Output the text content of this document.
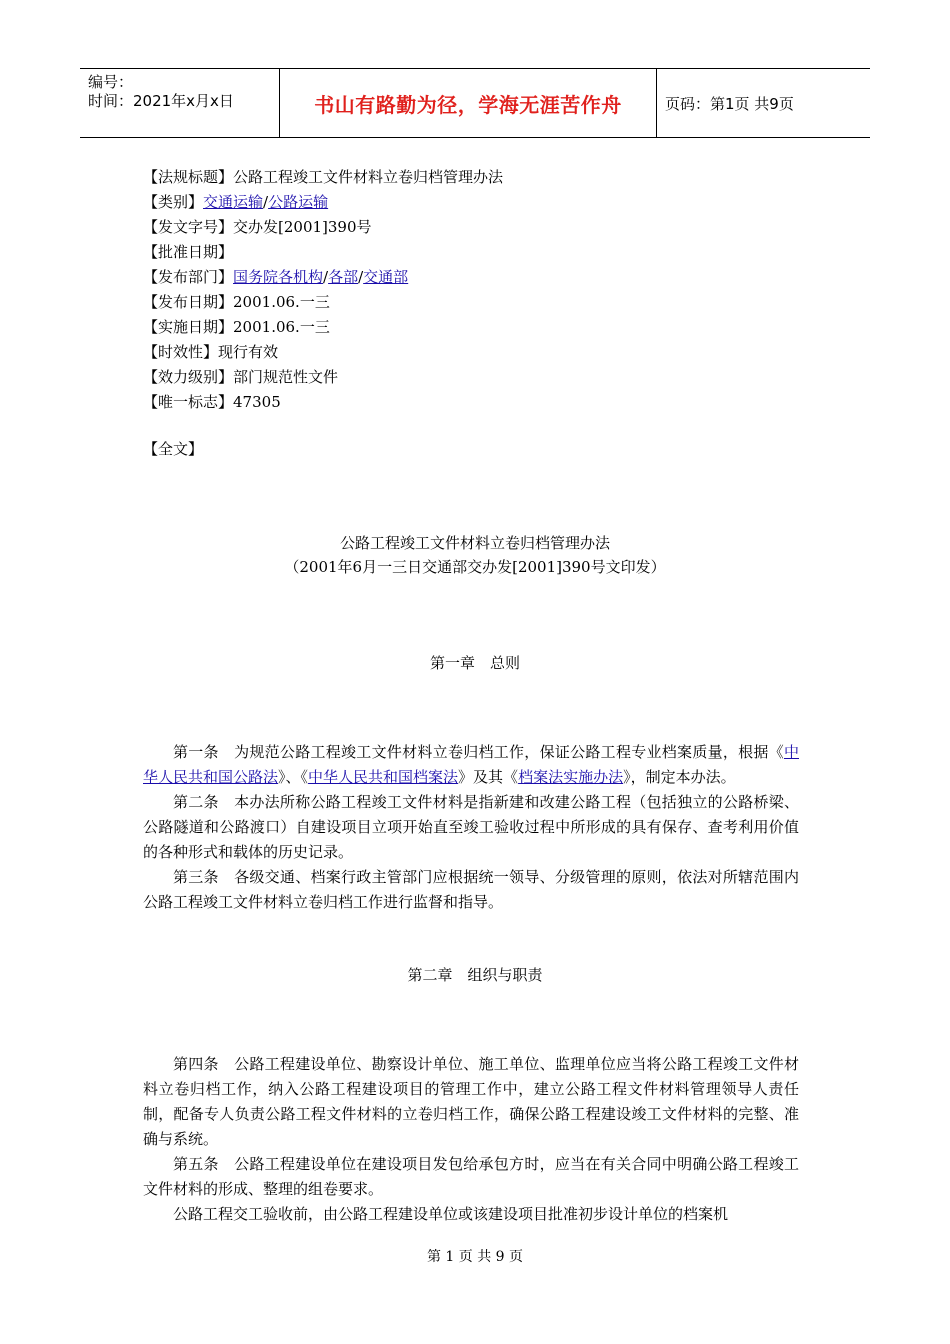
编号：
时间：2021年x月x日	书山有路勤为径，学海无涯苦作舟	页码：第1页 共9页
【法规标题】公路工程竣工文件材料立卷归档管理办法
【类别】交通运输/公路运输
【发文字号】交办发[2001]390号
【批准日期】
【发布部门】国务院各机构/各部/交通部
【发布日期】2001.06.一三
【实施日期】2001.06.一三
【时效性】现行有效
【效力级别】部门规范性文件
【唯一标志】47305
【全文】
公路工程竣工文件材料立卷归档管理办法
（2001年6月一三日交通部交办发[2001]390号文印发）
第一章　总则

第一条　为规范公路工程竣工文件材料立卷归档工作，保证公路工程专业档案质量，根据《中华人民共和国公路法》、《中华人民共和国档案法》及其《档案法实施办法》，制定本办法。

第二条　本办法所称公路工程竣工文件材料是指新建和改建公路工程（包括独立的公路桥梁、公路隧道和公路渡口）自建设项目立项开始直至竣工验收过程中所形成的具有保存、查考利用价值的各种形式和载体的历史记录。

第三条　各级交通、档案行政主管部门应根据统一领导、分级管理的原则，依法对所辖范围内公路工程竣工文件材料立卷归档工作进行监督和指导。

第二章　组织与职责

第四条　公路工程建设单位、勘察设计单位、施工单位、监理单位应当将公路工程竣工文件材料立卷归档工作，纳入公路工程建设项目的管理工作中，建立公路工程文件材料管理领导人责任制，配备专人负责公路工程文件材料的立卷归档工作，确保公路工程建设竣工文件材料的完整、准确与系统。

第五条　公路工程建设单位在建设项目发包给承包方时，应当在有关合同中明确公路工程竣工文件材料的形成、整理的组卷要求。

公路工程交工验收前，由公路工程建设单位或该建设项目批准初步设计单位的档案机

第 1 页 共 9 页
